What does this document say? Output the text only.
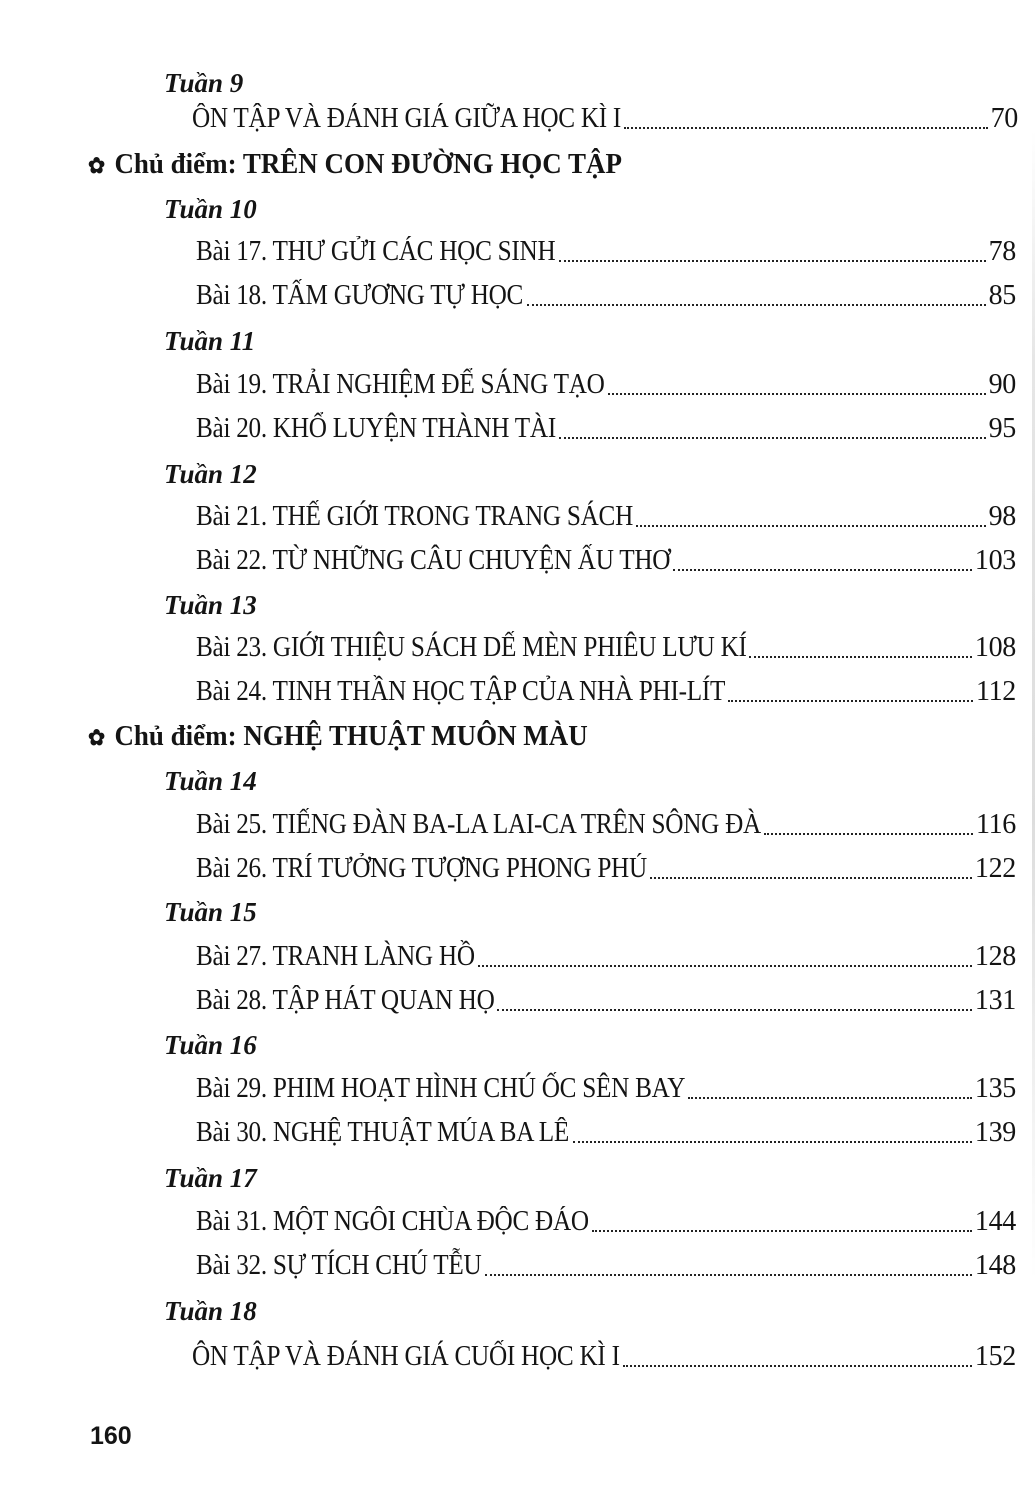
Tuần 9
ÔN TẬP VÀ ĐÁNH GIÁ GIỮA HỌC KÌ I	70
✿ Chủ điểm: TRÊN CON ĐƯỜNG HỌC TẬP
Tuần 10
Bài 17. THƯ GỬI CÁC HỌC SINH	78
Bài 18. TẤM GƯƠNG TỰ HỌC	85
Tuần 11
Bài 19. TRẢI NGHIỆM ĐỂ SÁNG TẠO	90
Bài 20. KHỔ LUYỆN THÀNH TÀI	95
Tuần 12
Bài 21. THẾ GIỚI TRONG TRANG SÁCH	98
Bài 22. TỪ NHỮNG CÂU CHUYỆN ẤU THƠ	103
Tuần 13
Bài 23. GIỚI THIỆU SÁCH DẾ MÈN PHIÊU LƯU KÍ	108
Bài 24. TINH THẦN HỌC TẬP CỦA NHÀ PHI-LÍT	112
✿ Chủ điểm: NGHỆ THUẬT MUÔN MÀU
Tuần 14
Bài 25. TIẾNG ĐÀN BA-LA LAI-CA TRÊN SÔNG ĐÀ	116
Bài 26. TRÍ TƯỞNG TƯỢNG PHONG PHÚ	122
Tuần 15
Bài 27. TRANH LÀNG HỒ	128
Bài 28. TẬP HÁT QUAN HỌ	131
Tuần 16
Bài 29. PHIM HOẠT HÌNH CHÚ ỐC SÊN BAY	135
Bài 30. NGHỆ THUẬT MÚA BA LÊ	139
Tuần 17
Bài 31. MỘT NGÔI CHÙA ĐỘC ĐÁO	144
Bài 32. SỰ TÍCH CHÚ TỄU	148
Tuần 18
ÔN TẬP VÀ ĐÁNH GIÁ CUỐI HỌC KÌ I	152
160
